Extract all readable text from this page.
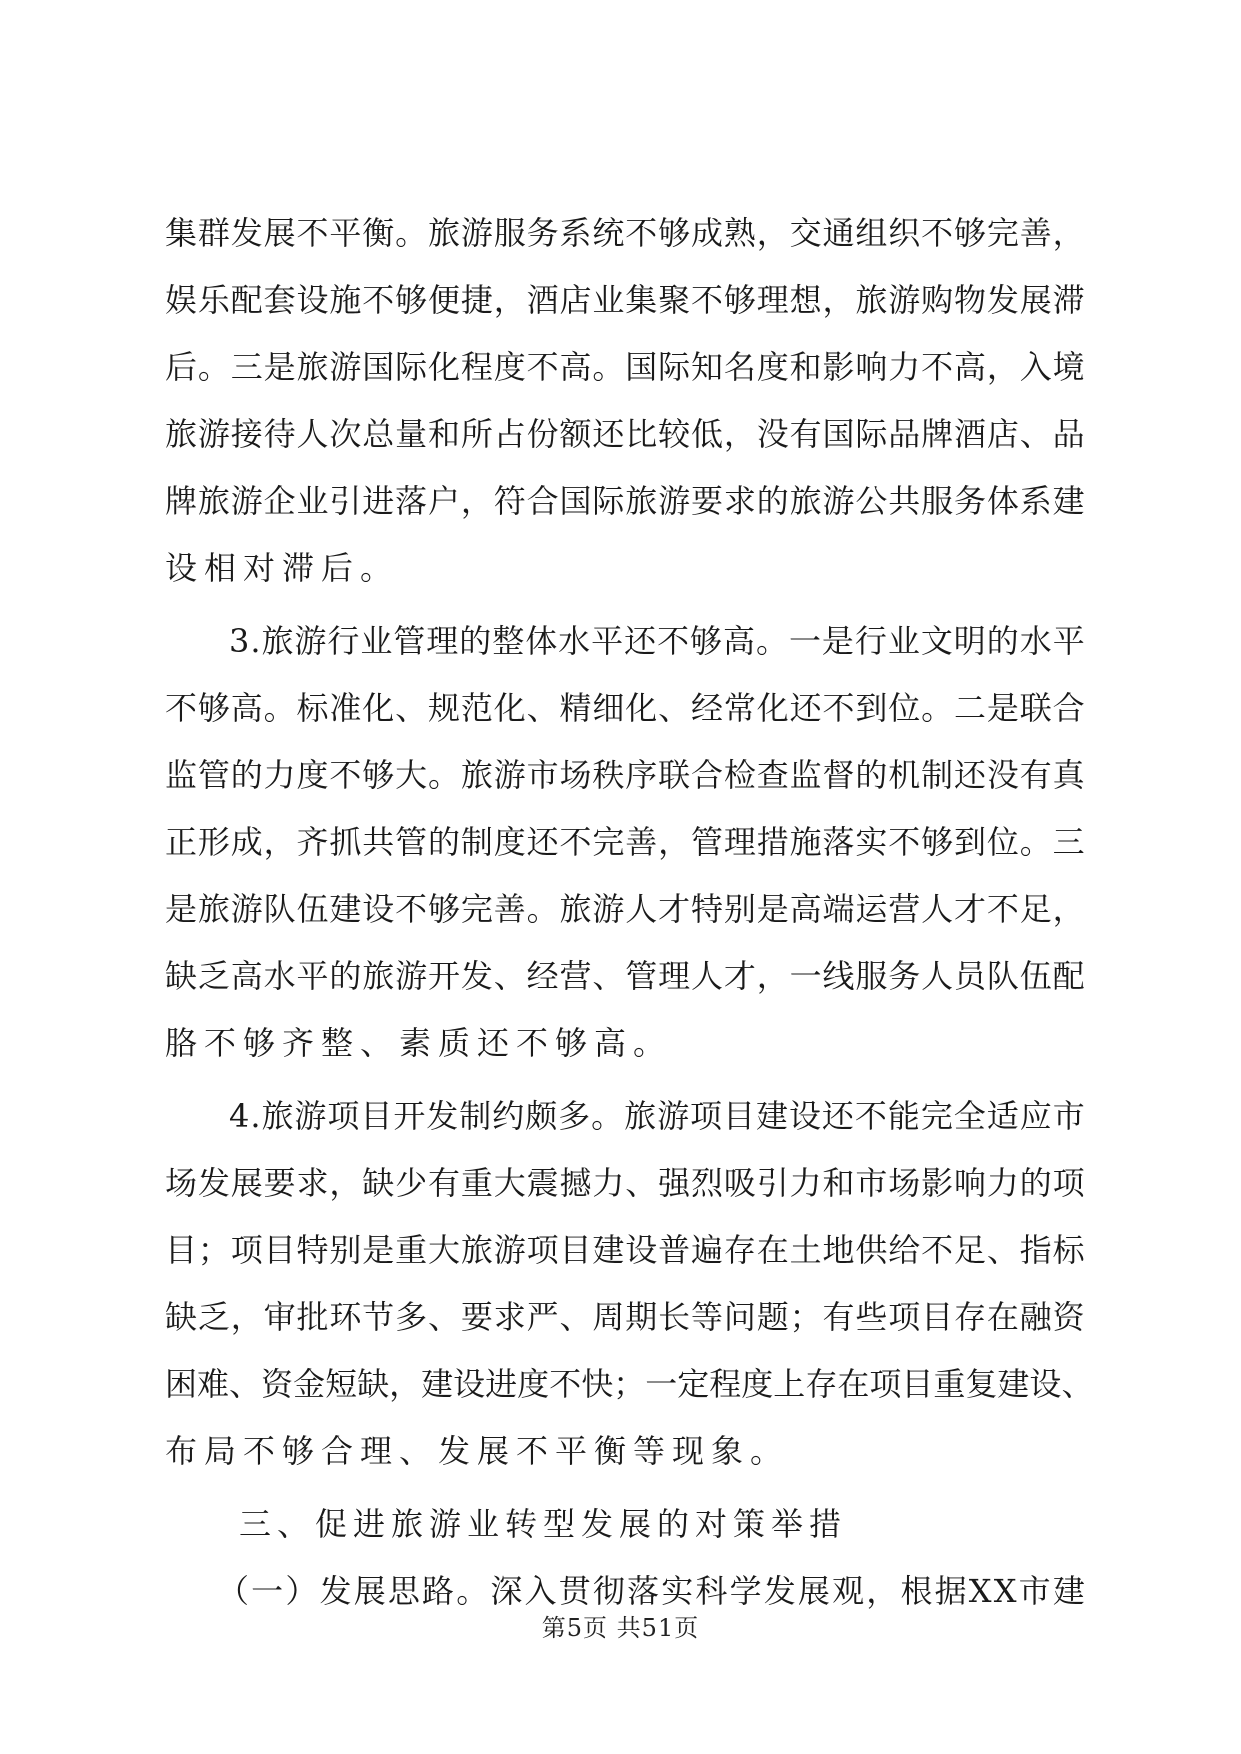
集 群 发 展 不 平 衡 。 旅 游 服 务 系 统 不 够 成 熟 ， 交 通 组 织 不 够 完 善 ，
娱 乐 配 套 设 施 不 够 便 捷 ， 酒 店 业 集 聚 不 够 理 想 ， 旅 游 购 物 发 展 滞
后 。 三 是 旅 游 国 际 化 程 度 不 高 。 国 际 知 名 度 和 影 响 力 不 高 ， 入 境
旅 游 接 待 人 次 总 量 和 所 占 份 额 还 比 较 低 ， 没 有 国 际 品 牌 酒 店 、 品
牌 旅 游 企 业 引 进 落 户 ， 符 合 国 际 旅 游 要 求 的 旅 游 公 共 服 务 体 系 建
设相对滞后。
3 . 旅 游 行 业 管 理 的 整 体 水 平 还 不 够 高 。 一 是 行 业 文 明 的 水 平
不 够 高 。 标 准 化 、 规 范 化 、 精 细 化 、 经 常 化 还 不 到 位 。 二 是 联 合
监 管 的 力 度 不 够 大 。 旅 游 市 场 秩 序 联 合 检 查 监 督 的 机 制 还 没 有 真
正 形 成 ， 齐 抓 共 管 的 制 度 还 不 完 善 ， 管 理 措 施 落 实 不 够 到 位 。 三
是 旅 游 队 伍 建 设 不 够 完 善 。 旅 游 人 才 特 别 是 高 端 运 营 人 才 不 足 ，
缺 乏 高 水 平 的 旅 游 开 发 、 经 营 、 管 理 人 才 ， 一 线 服 务 人 员 队 伍 配
胳不够齐整、素质还不够高。
4 . 旅 游 项 目 开 发 制 约 颇 多 。 旅 游 项 目 建 设 还 不 能 完 全 适 应 市
场 发 展 要 求 ， 缺 少 有 重 大 震 撼 力 、 强 烈 吸 引 力 和 市 场 影 响 力 的 项
目 ； 项 目 特 别 是 重 大 旅 游 项 目 建 设 普 遍 存 在 土 地 供 给 不 足 、 指 标
缺 乏 ， 审 批 环 节 多 、 要 求 严 、 周 期 长 等 问 题 ； 有 些 项 目 存 在 融 资
困 难 、 资 金 短 缺 ， 建 设 进 度 不 快 ； 一 定 程 度 上 存 在 项 目 重 复 建 设 、
布局不够合理、发展不平衡等现象。
三、促进旅游业转型发展的对策举措
（ 一 ） 发 展 思 路 。 深 入 贯 彻 落 实 科 学 发 展 观 ， 根 据 X X 市 建
第5页 共51页
